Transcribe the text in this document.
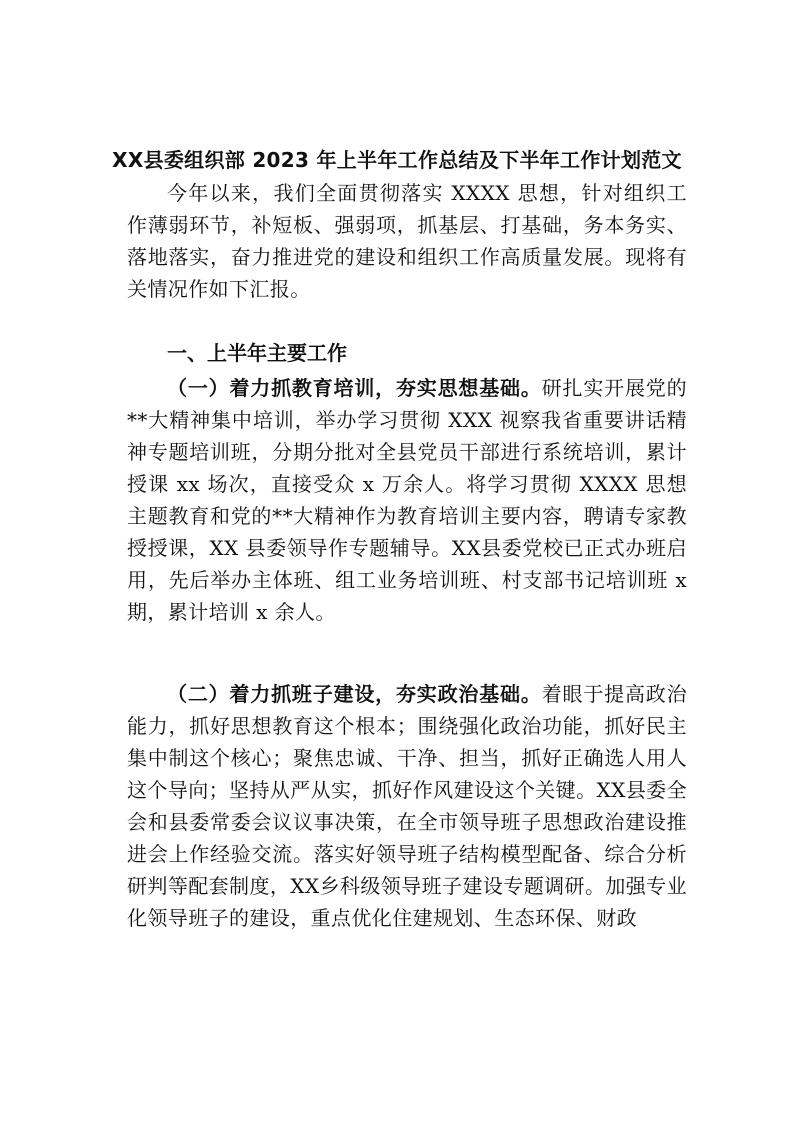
XX县委组织部 2023 年上半年工作总结及下半年工作计划范文

今年以来，我们全面贯彻落实 XXXX 思想，针对组织工作薄弱环节，补短板、强弱项，抓基层、打基础，务本务实、落地落实，奋力推进党的建设和组织工作高质量发展。现将有关情况作如下汇报。

一、上半年主要工作

（一）着力抓教育培训，夯实思想基础。研扎实开展党的**大精神集中培训，举办学习贯彻 XXX 视察我省重要讲话精神专题培训班，分期分批对全县党员干部进行系统培训，累计授课 xx 场次，直接受众 x 万余人。将学习贯彻 XXXX 思想主题教育和党的**大精神作为教育培训主要内容，聘请专家教授授课，XX 县委领导作专题辅导。XX县委党校已正式办班启用，先后举办主体班、组工业务培训班、村支部书记培训班 x 期，累计培训 x 余人。

（二）着力抓班子建设，夯实政治基础。着眼于提高政治能力，抓好思想教育这个根本；围绕强化政治功能，抓好民主集中制这个核心；聚焦忠诚、干净、担当，抓好正确选人用人这个导向；坚持从严从实，抓好作风建设这个关键。XX县委全会和县委常委会议议事决策，在全市领导班子思想政治建设推进会上作经验交流。落实好领导班子结构模型配备、综合分析研判等配套制度，XX乡科级领导班子建设专题调研。加强专业化领导班子的建设，重点优化住建规划、生态环保、财政
